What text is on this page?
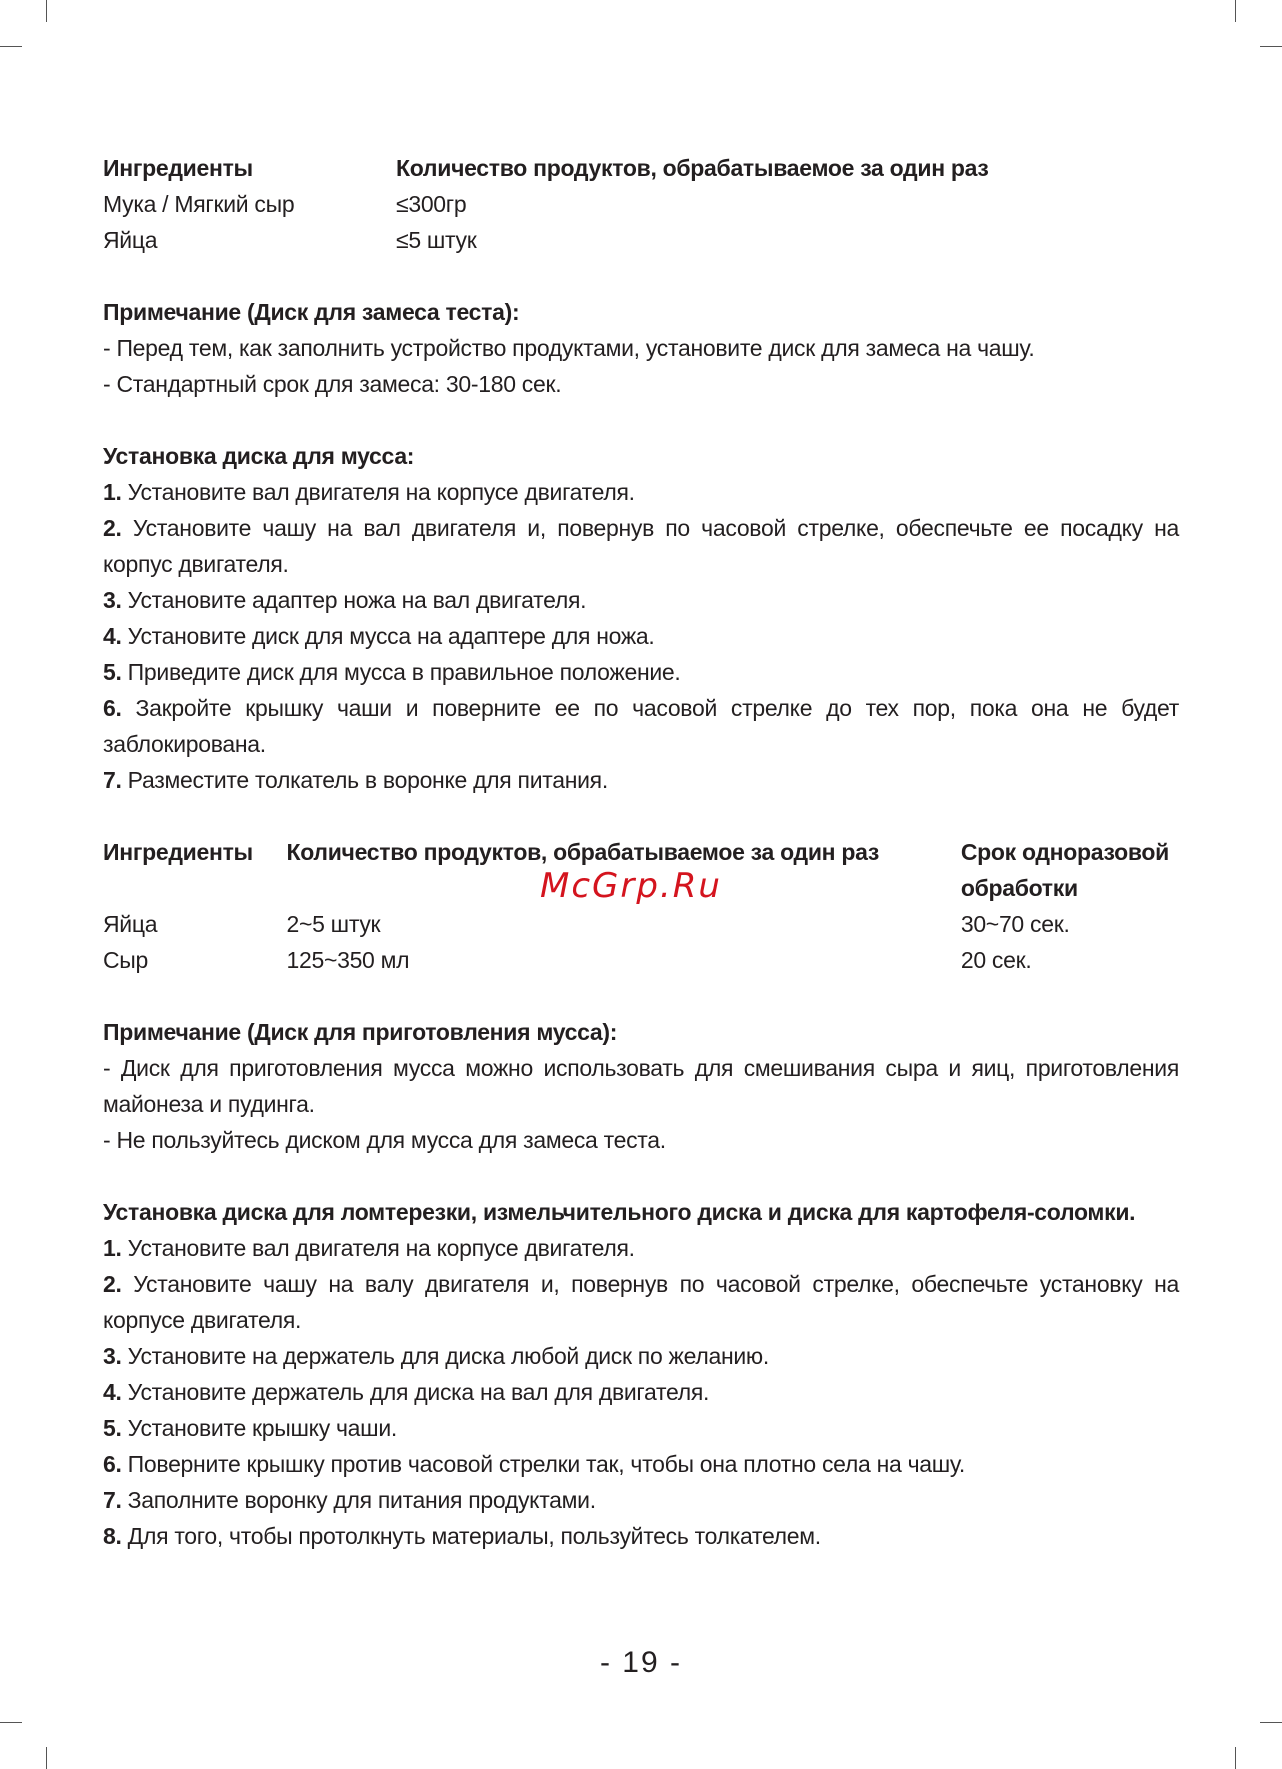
Ингредиенты	Количество продуктов, обрабатываемое за один раз
Мука / Мягкий сыр	≤300гр
Яйца	≤5 штук

Примечание (Диск для замеса теста):

- Перед тем, как заполнить устройство продуктами, установите диск для замеса на чашу.

- Стандартный срок для замеса: 30-180 сек.

Установка диска для мусса:

1. Установите вал двигателя на корпусе двигателя.

2. Установите чашу на вал двигателя и, повернув по часовой стрелке, обеспечьте ее посадку на корпус двигателя.

3. Установите адаптер ножа на вал двигателя.

4. Установите диск для мусса на адаптере для ножа.

5. Приведите диск для мусса в правильное положение.

6. Закройте крышку чаши и поверните ее по часовой стрелке до тех пор, пока она не будет заблокирована.

7. Разместите толкатель в воронке для питания.

Ингредиенты	Количество продуктов, обрабатываемое за один раз	Срок одноразовой обработки
Яйца	2~5 штук	30~70 сек.
Сыр	125~350 мл	20 сек.

Примечание (Диск для приготовления мусса):

- Диск для приготовления мусса можно использовать для смешивания сыра и яиц, приготовления майонеза и пудинга.

- Не пользуйтесь диском для мусса для замеса теста.

Установка диска для ломтерезки, измельчительного диска и диска для картофеля-соломки.

1. Установите вал двигателя на корпусе двигателя.

2. Установите чашу на валу двигателя и, повернув по часовой стрелке, обеспечьте установку на корпусе двигателя.

3. Установите на держатель для диска любой диск по желанию.

4. Установите держатель для диска на вал для двигателя.

5. Установите крышку чаши.

6. Поверните крышку против часовой стрелки так, чтобы она плотно села на чашу.

7. Заполните воронку для питания продуктами.

8. Для того, чтобы протолкнуть материалы, пользуйтесь толкателем.

McGrp.Ru
- 19 -
